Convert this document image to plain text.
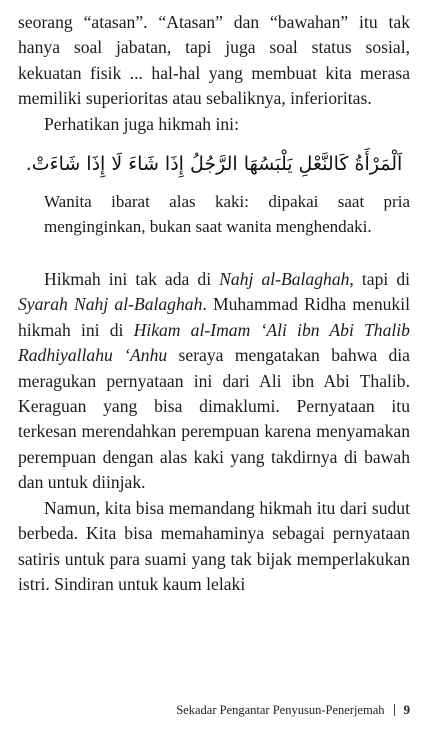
seorang “atasan”. “Atasan” dan “bawahan” itu tak hanya soal jabatan, tapi juga soal status sosial, kekuatan fisik ... hal-hal yang membuat kita merasa memiliki superioritas atau sebaliknya, inferioritas.

Perhatikan juga hikmah ini:

اَلْمَرْأَةُ كَالنَّعْلِ يَلْبَسُهَا الرَّجُلُ إِذَا شَاءَ لَا إِذَا شَاءَتْ.

Wanita ibarat alas kaki: dipakai saat pria menginginkan, bukan saat wanita menghendaki.

Hikmah ini tak ada di Nahj al-Balaghah, tapi di Syarah Nahj al-Balaghah. Muhammad Ridha menukil hikmah ini di Hikam al-Imam ‘Ali ibn Abi Thalib Radhiyallahu ‘Anhu seraya mengatakan bahwa dia meragukan pernyataan ini dari Ali ibn Abi Thalib. Keraguan yang bisa dimaklumi. Pernyataan itu terkesan merendahkan perempuan karena menyamakan perempuan dengan alas kaki yang takdirnya di bawah dan untuk diinjak.

Namun, kita bisa memandang hikmah itu dari sudut berbeda. Kita bisa memahaminya sebagai pernyataan satiris untuk para suami yang tak bijak memperlakukan istri. Sindiran untuk kaum lelaki

Sekadar Pengantar Penyusun-Penerjemah 9
